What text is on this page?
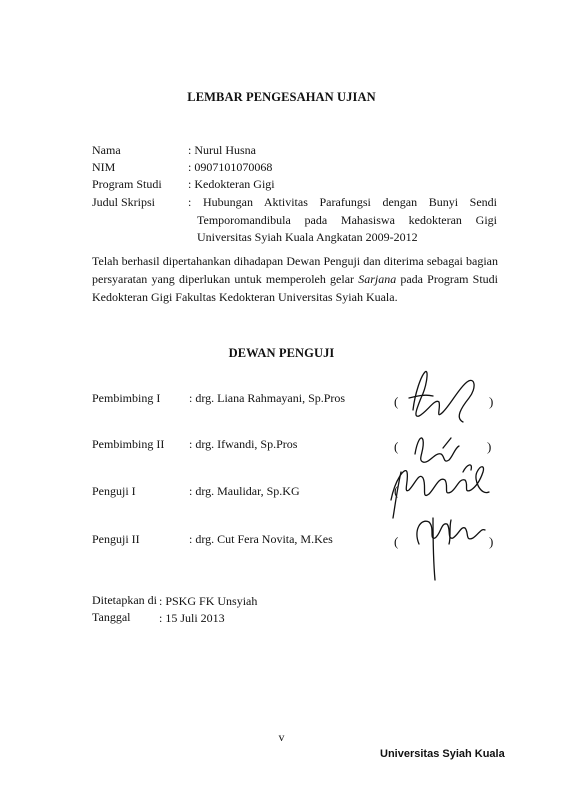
LEMBAR PENGESAHAN UJIAN
Nama	: Nurul Husna
NIM	: 0907101070068
Program Studi : Kedokteran Gigi
Judul Skripsi	: Hubungan Aktivitas Parafungsi dengan Bunyi Sendi
Temporomandibula pada Mahasiswa kedokteran Gigi
Universitas Syiah Kuala Angkatan 2009-2012
Telah berhasil dipertahankan dihadapan Dewan Penguji dan diterima sebagai bagian
persyaratan yang diperlukan untuk memperoleh gelar Sarjana pada Program Studi
Kedokteran Gigi Fakultas Kedokteran Universitas Syiah Kuala.
DEWAN PENGUJI
Pembimbing I : drg. Liana Rahmayani, Sp.Pros	(	)
Pembimbing II : drg. Ifwandi, Sp.Pros	(	)
Penguji I	: drg. Maulidar, Sp.KG	(
Penguji II	: drg. Cut Fera Novita, M.Kes	(	)
Ditetapkan di : PSKG FK Unsyiah
Tanggal : 15 Juli 2013
v
Universitas Syiah Kuala
